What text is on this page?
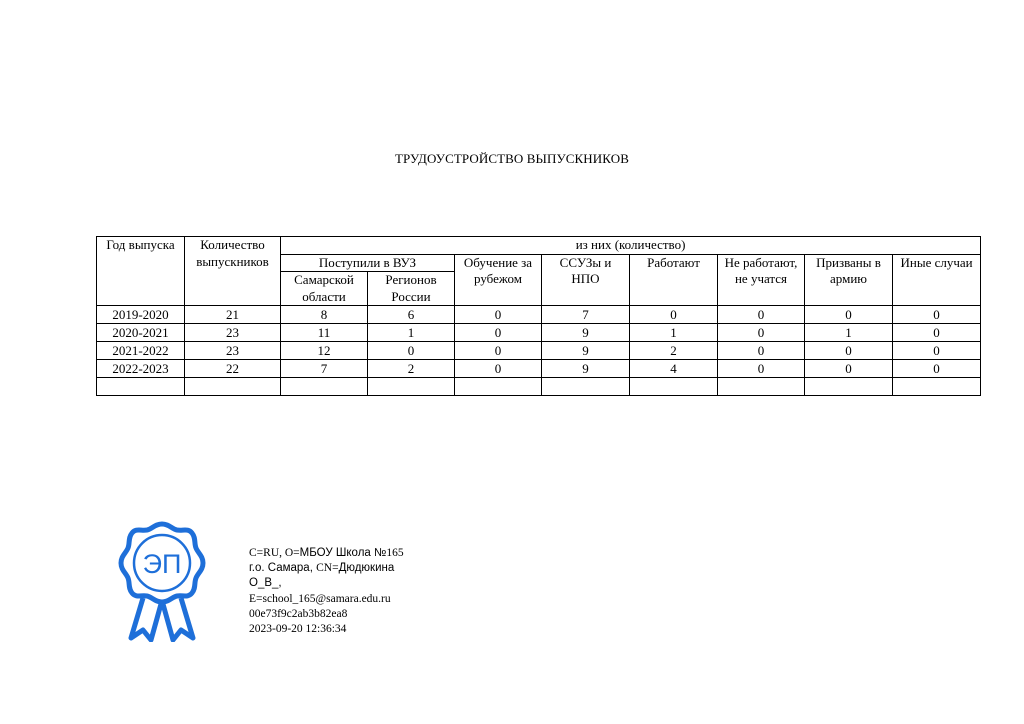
ТРУДОУСТРОЙСТВО ВЫПУСКНИКОВ
Год выпуска	Количество выпускников	из них (количество)							
		Поступили в ВУЗ		Обучение за рубежом	ССУЗы и НПО	Работают	Не работают, не учатся	Призваны в армию	Иные случаи
		Самарской области	Регионов России						
2019-2020	21	8	6	0	7	0	0	0	0
2020-2021	23	11	1	0	9	1	0	1	0
2021-2022	23	12	0	0	9	2	0	0	0
2022-2023	22	7	2	0	9	4	0	0	0

ЭП	C=RU, O=МБОУ Школа №165
г.о. Самара, CN=Дюдюкина
О_В_,
E=school_165@samara.edu.ru
00e73f9c2ab3b82ea8
2023-09-20 12:36:34
